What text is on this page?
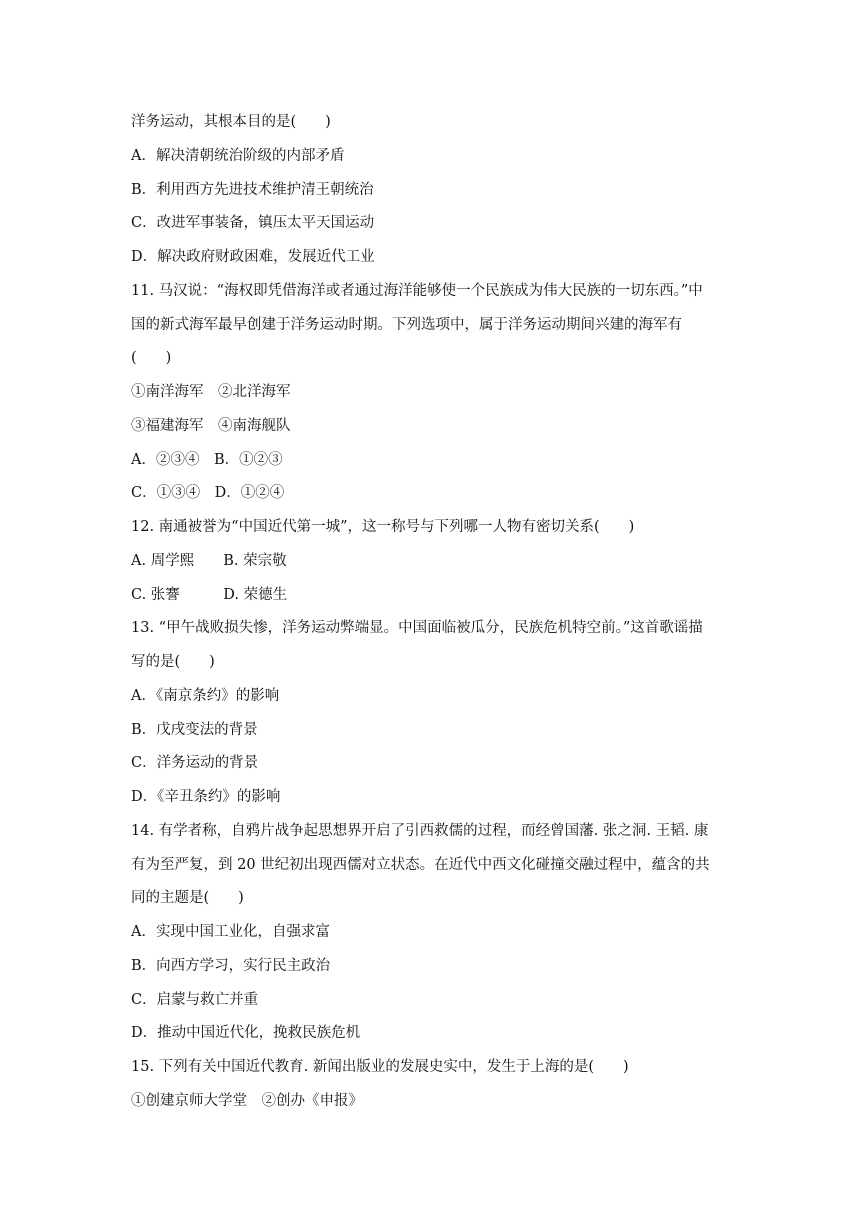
洋务运动，其根本目的是(　　)
A．解决清朝统治阶级的内部矛盾
B．利用西方先进技术维护清王朝统治
C．改进军事装备，镇压太平天国运动
D．解决政府财政困难，发展近代工业
11. 马汉说：“海权即凭借海洋或者通过海洋能够使一个民族成为伟大民族的一切东西。”中
国的新式海军最早创建于洋务运动时期。下列选项中，属于洋务运动期间兴建的海军有
(　　)
①南洋海军　②北洋海军
③福建海军　④南海舰队
A．②③④　B．①②③
C．①③④　D．①②④
12. 南通被誉为“中国近代第一城”，这一称号与下列哪一人物有密切关系(　　)
A. 周学熙　　B. 荣宗敬
C. 张謇　　　D. 荣德生
13. “甲午战败损失惨，洋务运动弊端显。中国面临被瓜分，民族危机特空前。”这首歌谣描
写的是(　　)
A．《南京条约》的影响
B．戊戌变法的背景
C．洋务运动的背景
D．《辛丑条约》的影响
14. 有学者称，自鸦片战争起思想界开启了引西救儒的过程，而经曾国藩. 张之洞. 王韬. 康
有为至严复，到 20 世纪初出现西儒对立状态。在近代中西文化碰撞交融过程中，蕴含的共
同的主题是(　　)
A．实现中国工业化，自强求富
B．向西方学习，实行民主政治
C．启蒙与救亡并重
D．推动中国近代化，挽救民族危机
15. 下列有关中国近代教育. 新闻出版业的发展史实中，发生于上海的是(　　)
①创建京师大学堂　②创办《申报》
